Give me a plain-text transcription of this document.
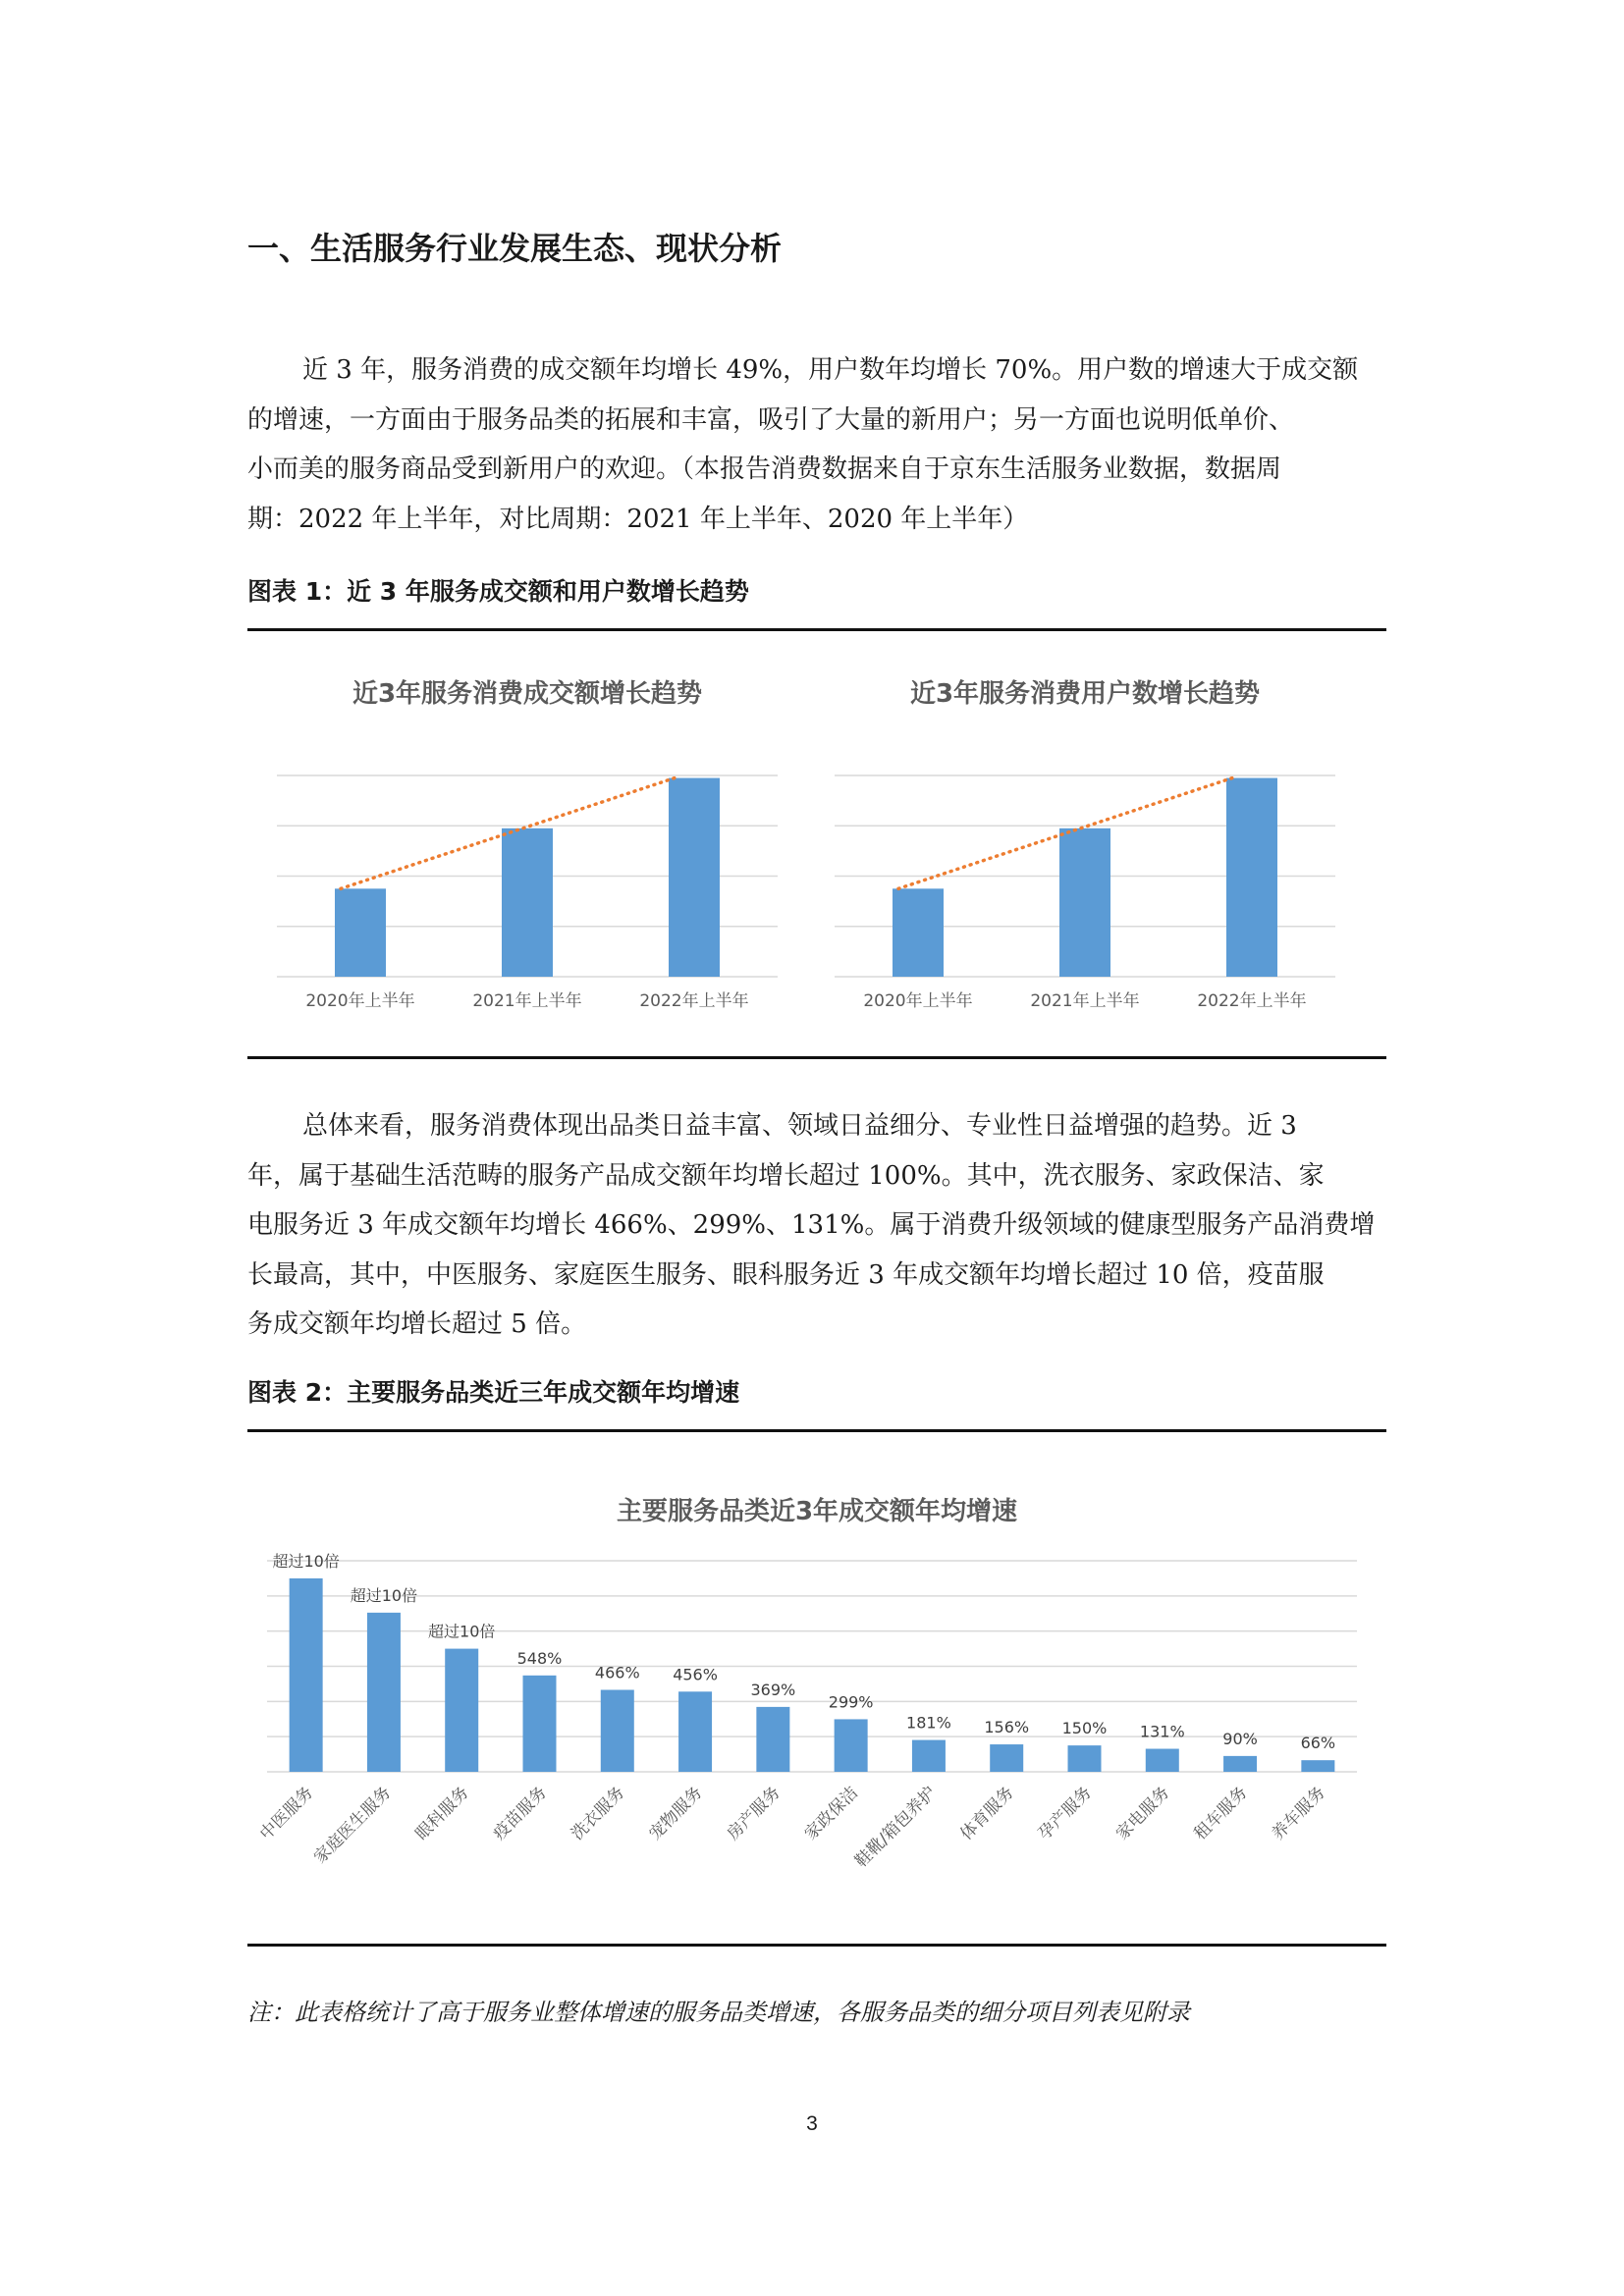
一、生活服务行业发展生态、现状分析
近 3 年，服务消费的成交额年均增长 49%，用户数年均增长 70%。用户数的增速大于成交额
的增速，一方面由于服务品类的拓展和丰富，吸引了大量的新用户；另一方面也说明低单价、
小而美的服务商品受到新用户的欢迎。（本报告消费数据来自于京东生活服务业数据，数据周
期：2022 年上半年，对比周期：2021 年上半年、2020 年上半年）

图表 1：近 3 年服务成交额和用户数增长趋势

近3年服务消费成交额增长趋势
2020年上半年	2021年上半年	2022年上半年
近3年服务消费用户数增长趋势
2020年上半年	2021年上半年	2022年上半年
总体来看，服务消费体现出品类日益丰富、领域日益细分、专业性日益增强的趋势。近 3
年，属于基础生活范畴的服务产品成交额年均增长超过 100%。其中，洗衣服务、家政保洁、家
电服务近 3 年成交额年均增长 466%、299%、131%。属于消费升级领域的健康型服务产品消费增
长最高，其中，中医服务、家庭医生服务、眼科服务近 3 年成交额年均增长超过 10 倍，疫苗服
务成交额年均增长超过 5 倍。

图表 2：主要服务品类近三年成交额年均增速

主要服务品类近3年成交额年均增速
超过10倍
中医服务
超过10倍
家庭医生服务
超过10倍
眼科服务
548%
疫苗服务
466%
洗衣服务
456%
宠物服务
369%
房产服务
299%
家政保洁
181%
鞋靴/箱包养护
156%
体育服务
150%
孕产服务
131%
家电服务
90%
租车服务
66%
养车服务

注：此表格统计了高于服务业整体增速的服务品类增速，各服务品类的细分项目列表见附录

3
